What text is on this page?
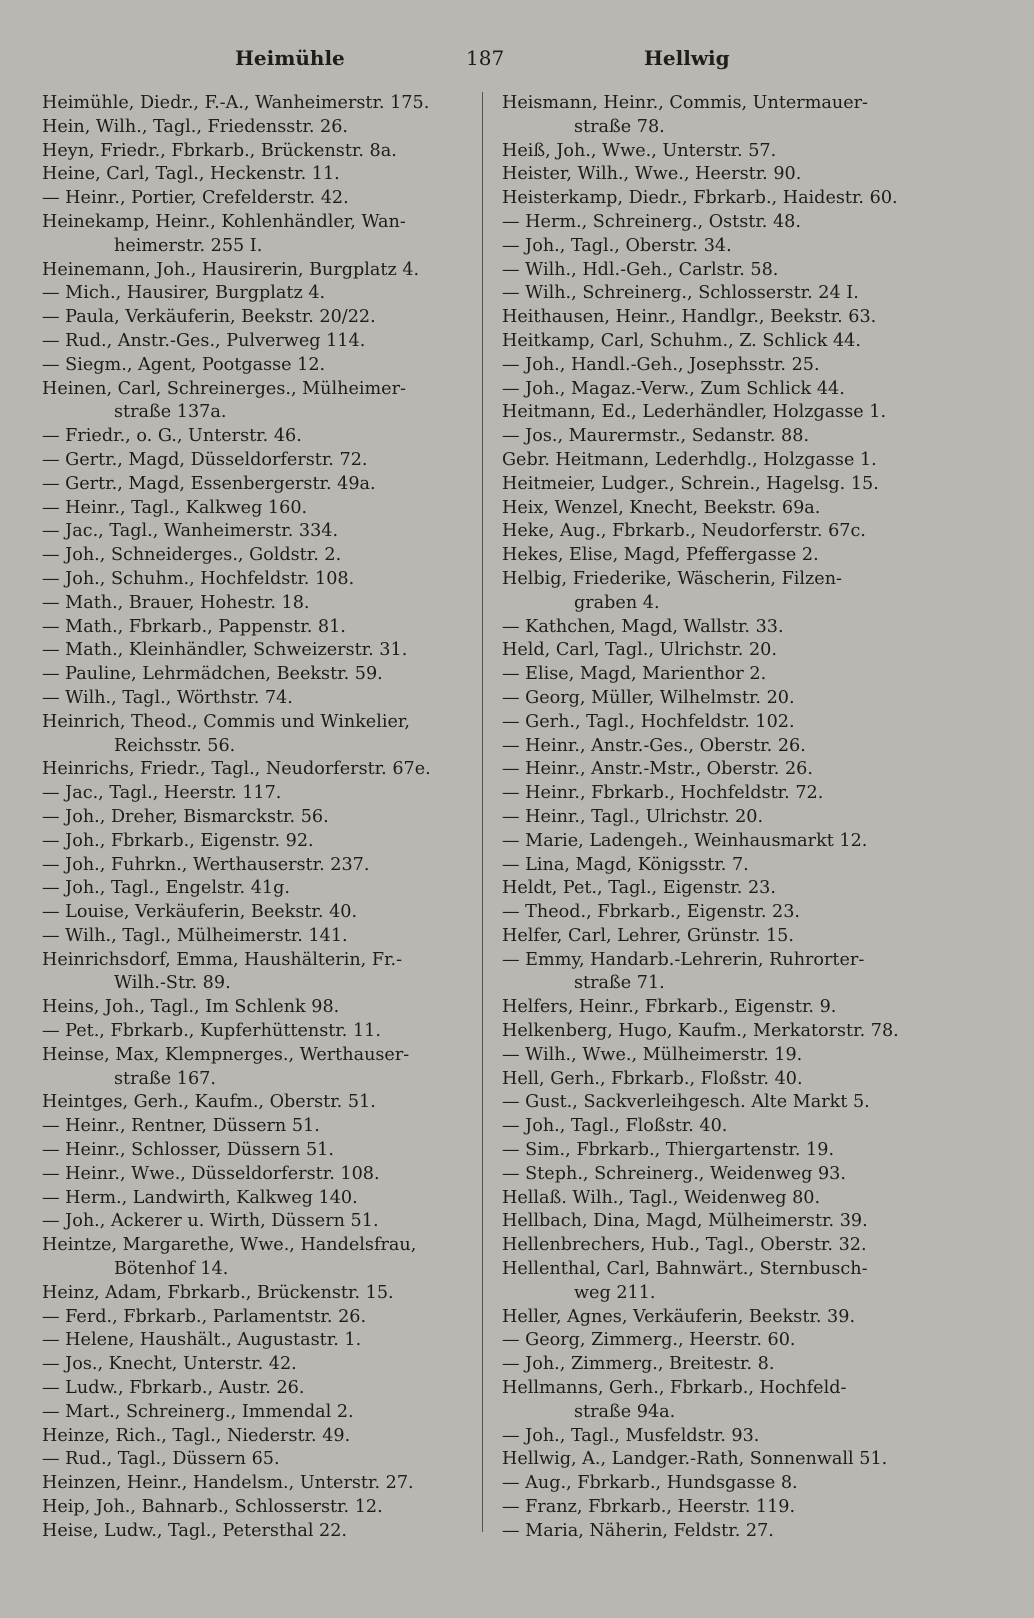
Heimühle	187	Hellwig
Heimühle, Diedr., F.-A., Wanheimerstr. 175.
Hein, Wilh., Tagl., Friedensstr. 26.
Heyn, Friedr., Fbrkarb., Brückenstr. 8a.
Heine, Carl, Tagl., Heckenstr. 11.
— Heinr., Portier, Crefelderstr. 42.
Heinekamp, Heinr., Kohlenhändler, Wan-
heimerstr. 255 I.
Heinemann, Joh., Hausirerin, Burgplatz 4.
— Mich., Hausirer, Burgplatz 4.
— Paula, Verkäuferin, Beekstr. 20/22.
— Rud., Anstr.-Ges., Pulverweg 114.
— Siegm., Agent, Pootgasse 12.
Heinen, Carl, Schreinerges., Mülheimer-
straße 137a.
— Friedr., o. G., Unterstr. 46.
— Gertr., Magd, Düsseldorferstr. 72.
— Gertr., Magd, Essenbergerstr. 49a.
— Heinr., Tagl., Kalkweg 160.
— Jac., Tagl., Wanheimerstr. 334.
— Joh., Schneiderges., Goldstr. 2.
— Joh., Schuhm., Hochfeldstr. 108.
— Math., Brauer, Hohestr. 18.
— Math., Fbrkarb., Pappenstr. 81.
— Math., Kleinhändler, Schweizerstr. 31.
— Pauline, Lehrmädchen, Beekstr. 59.
— Wilh., Tagl., Wörthstr. 74.
Heinrich, Theod., Commis und Winkelier,
Reichsstr. 56.
Heinrichs, Friedr., Tagl., Neudorferstr. 67e.
— Jac., Tagl., Heerstr. 117.
— Joh., Dreher, Bismarckstr. 56.
— Joh., Fbrkarb., Eigenstr. 92.
— Joh., Fuhrkn., Werthauserstr. 237.
— Joh., Tagl., Engelstr. 41g.
— Louise, Verkäuferin, Beekstr. 40.
— Wilh., Tagl., Mülheimerstr. 141.
Heinrichsdorf, Emma, Haushälterin, Fr.-
Wilh.-Str. 89.
Heins, Joh., Tagl., Im Schlenk 98.
— Pet., Fbrkarb., Kupferhüttenstr. 11.
Heinse, Max, Klempnerges., Werthauser-
straße 167.
Heintges, Gerh., Kaufm., Oberstr. 51.
— Heinr., Rentner, Düssern 51.
— Heinr., Schlosser, Düssern 51.
— Heinr., Wwe., Düsseldorferstr. 108.
— Herm., Landwirth, Kalkweg 140.
— Joh., Ackerer u. Wirth, Düssern 51.
Heintze, Margarethe, Wwe., Handelsfrau,
Bötenhof 14.
Heinz, Adam, Fbrkarb., Brückenstr. 15.
— Ferd., Fbrkarb., Parlamentstr. 26.
— Helene, Haushält., Augustastr. 1.
— Jos., Knecht, Unterstr. 42.
— Ludw., Fbrkarb., Austr. 26.
— Mart., Schreinerg., Immendal 2.
Heinze, Rich., Tagl., Niederstr. 49.
— Rud., Tagl., Düssern 65.
Heinzen, Heinr., Handelsm., Unterstr. 27.
Heip, Joh., Bahnarb., Schlosserstr. 12.
Heise, Ludw., Tagl., Petersthal 22.
Heismann, Heinr., Commis, Untermauer-
straße 78.
Heiß, Joh., Wwe., Unterstr. 57.
Heister, Wilh., Wwe., Heerstr. 90.
Heisterkamp, Diedr., Fbrkarb., Haidestr. 60.
— Herm., Schreinerg., Oststr. 48.
— Joh., Tagl., Oberstr. 34.
— Wilh., Hdl.-Geh., Carlstr. 58.
— Wilh., Schreinerg., Schlosserstr. 24 I.
Heithausen, Heinr., Handlgr., Beekstr. 63.
Heitkamp, Carl, Schuhm., Z. Schlick 44.
— Joh., Handl.-Geh., Josephsstr. 25.
— Joh., Magaz.-Verw., Zum Schlick 44.
Heitmann, Ed., Lederhändler, Holzgasse 1.
— Jos., Maurermstr., Sedanstr. 88.
Gebr. Heitmann, Lederhdlg., Holzgasse 1.
Heitmeier, Ludger., Schrein., Hagelsg. 15.
Heix, Wenzel, Knecht, Beekstr. 69a.
Heke, Aug., Fbrkarb., Neudorferstr. 67c.
Hekes, Elise, Magd, Pfeffergasse 2.
Helbig, Friederike, Wäscherin, Filzen-
graben 4.
— Kathchen, Magd, Wallstr. 33.
Held, Carl, Tagl., Ulrichstr. 20.
— Elise, Magd, Marienthor 2.
— Georg, Müller, Wilhelmstr. 20.
— Gerh., Tagl., Hochfeldstr. 102.
— Heinr., Anstr.-Ges., Oberstr. 26.
— Heinr., Anstr.-Mstr., Oberstr. 26.
— Heinr., Fbrkarb., Hochfeldstr. 72.
— Heinr., Tagl., Ulrichstr. 20.
— Marie, Ladengeh., Weinhausmarkt 12.
— Lina, Magd, Königsstr. 7.
Heldt, Pet., Tagl., Eigenstr. 23.
— Theod., Fbrkarb., Eigenstr. 23.
Helfer, Carl, Lehrer, Grünstr. 15.
— Emmy, Handarb.-Lehrerin, Ruhrorter-
straße 71.
Helfers, Heinr., Fbrkarb., Eigenstr. 9.
Helkenberg, Hugo, Kaufm., Merkatorstr. 78.
— Wilh., Wwe., Mülheimerstr. 19.
Hell, Gerh., Fbrkarb., Floßstr. 40.
— Gust., Sackverleihgesch. Alte Markt 5.
— Joh., Tagl., Floßstr. 40.
— Sim., Fbrkarb., Thiergartenstr. 19.
— Steph., Schreinerg., Weidenweg 93.
Hellaß. Wilh., Tagl., Weidenweg 80.
Hellbach, Dina, Magd, Mülheimerstr. 39.
Hellenbrechers, Hub., Tagl., Oberstr. 32.
Hellenthal, Carl, Bahnwärt., Sternbusch-
weg 211.
Heller, Agnes, Verkäuferin, Beekstr. 39.
— Georg, Zimmerg., Heerstr. 60.
— Joh., Zimmerg., Breitestr. 8.
Hellmanns, Gerh., Fbrkarb., Hochfeld-
straße 94a.
— Joh., Tagl., Musfeldstr. 93.
Hellwig, A., Landger.-Rath, Sonnenwall 51.
— Aug., Fbrkarb., Hundsgasse 8.
— Franz, Fbrkarb., Heerstr. 119.
— Maria, Näherin, Feldstr. 27.
